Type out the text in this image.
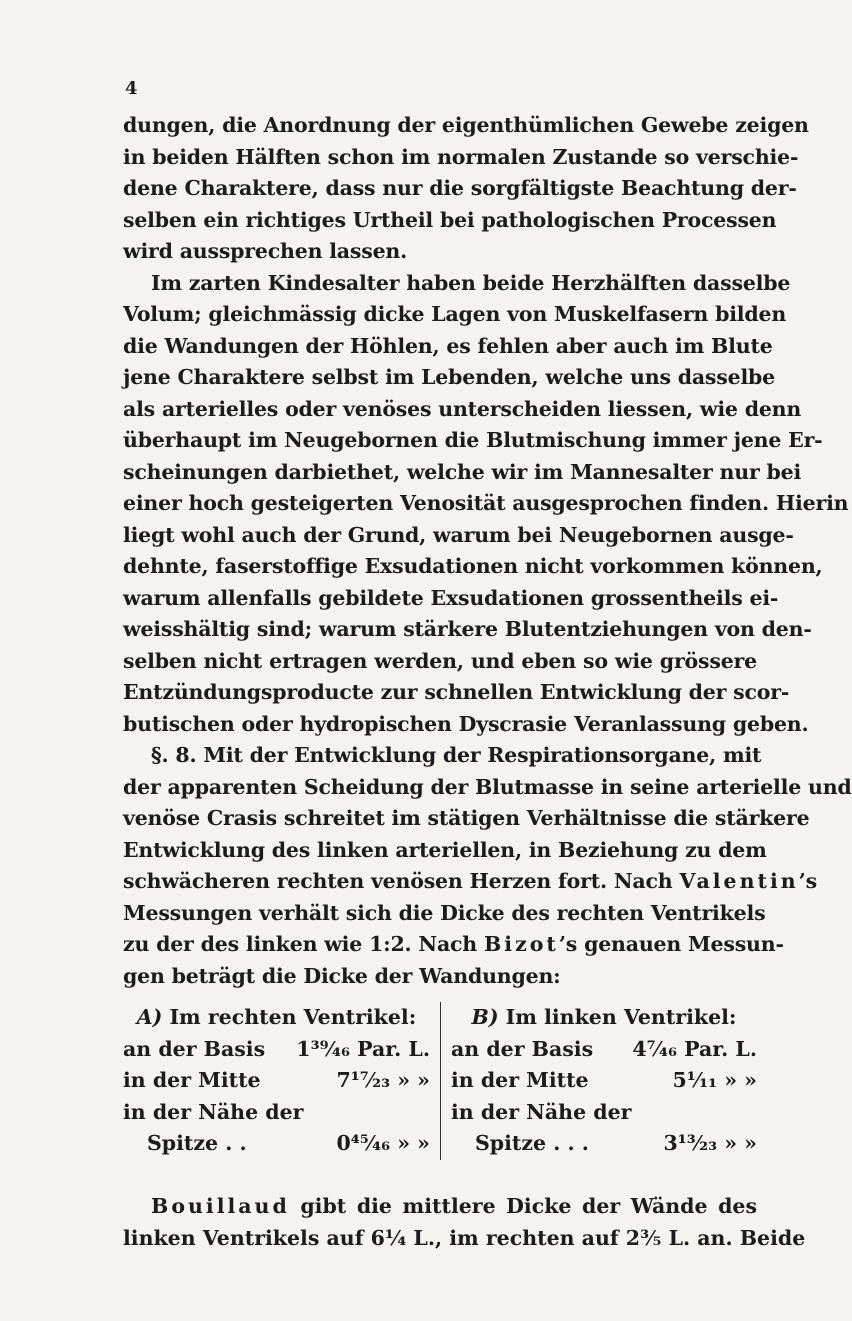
4
dungen, die Anordnung der eigenthümlichen Gewebe zeigen
in beiden Hälften schon im normalen Zustande so verschie-
dene Charaktere, dass nur die sorgfältigste Beachtung der-
selben ein richtiges Urtheil bei pathologischen Processen
wird aussprechen lassen.
Im zarten Kindesalter haben beide Herzhälften dasselbe
Volum; gleichmässig dicke Lagen von Muskelfasern bilden
die Wandungen der Höhlen, es fehlen aber auch im Blute
jene Charaktere selbst im Lebenden, welche uns dasselbe
als arterielles oder venöses unterscheiden liessen, wie denn
überhaupt im Neugebornen die Blutmischung immer jene Er-
scheinungen darbiethet, welche wir im Mannesalter nur bei
einer hoch gesteigerten Venosität ausgesprochen finden. Hierin
liegt wohl auch der Grund, warum bei Neugebornen ausge-
dehnte, faserstoffige Exsudationen nicht vorkommen können,
warum allenfalls gebildete Exsudationen grossentheils ei-
weisshältig sind; warum stärkere Blutentziehungen von den-
selben nicht ertragen werden, und eben so wie grössere
Entzündungsproducte zur schnellen Entwicklung der scor-
butischen oder hydropischen Dyscrasie Veranlassung geben.
§. 8. Mit der Entwicklung der Respirationsorgane, mit
der apparenten Scheidung der Blutmasse in seine arterielle und
venöse Crasis schreitet im stätigen Verhältnisse die stärkere
Entwicklung des linken arteriellen, in Beziehung zu dem
schwächeren rechten venösen Herzen fort. Nach Valentin’s
Messungen verhält sich die Dicke des rechten Ventrikels
zu der des linken wie 1:2. Nach Bizot’s genauen Messun-
gen beträgt die Dicke der Wandungen:
A) Im rechten Ventrikel:
an der Basis 1³⁹⁄₄₆ Par. L.
in der Mitte	7¹⁷⁄₂₃ » »
in der Nähe der
Spitze . .	0⁴⁵⁄₄₆ » »
B) Im linken Ventrikel:
an der Basis 4⁷⁄₄₆ Par. L.
in der Mitte	5¹⁄₁₁ » »
in der Nähe der
Spitze . . .	3¹³⁄₂₃ » »
Bouillaud gibt die mittlere Dicke der Wände des
linken Ventrikels auf 6¹⁄₄ L., im rechten auf 2³⁄₅ L. an. Beide
